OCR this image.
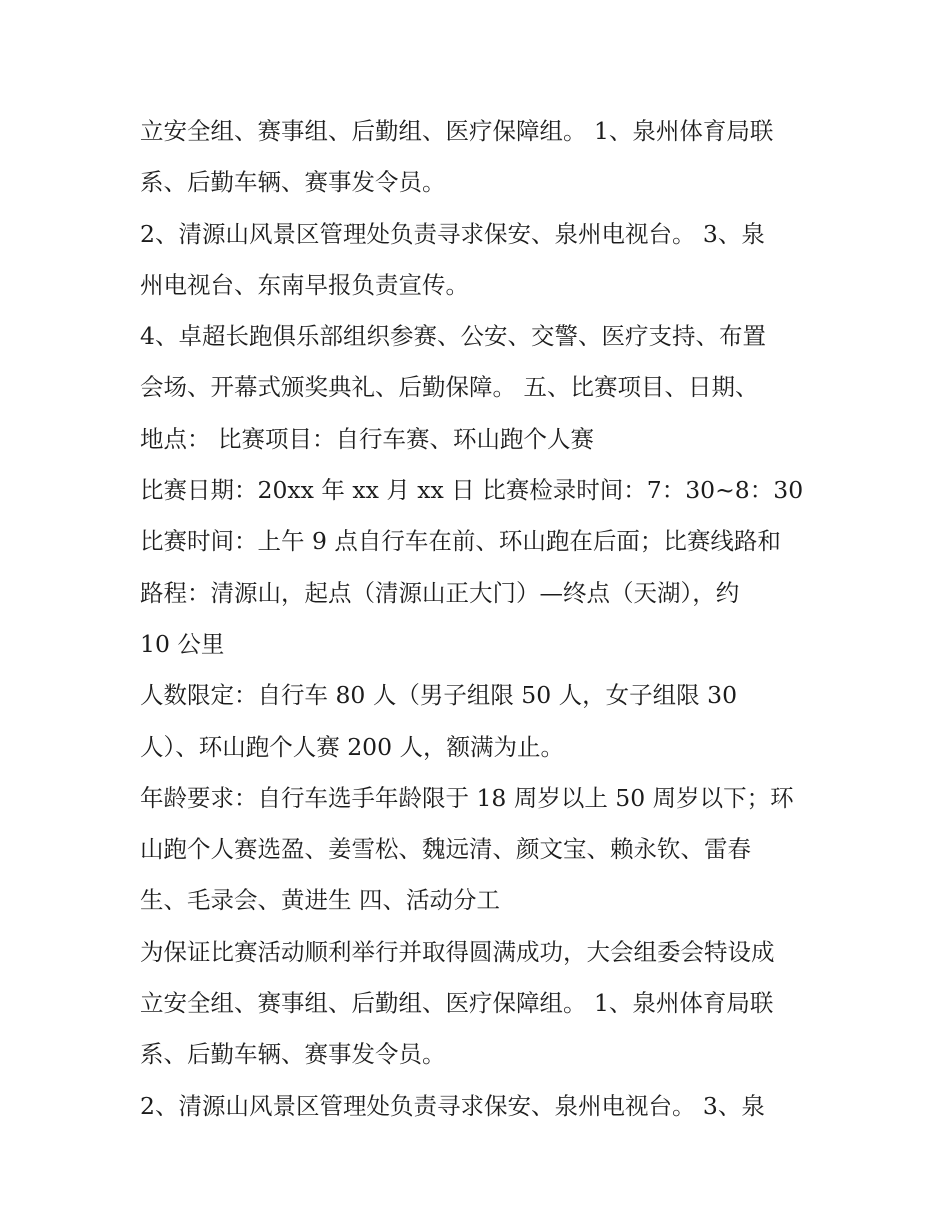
立安全组、赛事组、后勤组、医疗保障组。 1、泉州体育局联
系、后勤车辆、赛事发令员。
2、清源山风景区管理处负责寻求保安、泉州电视台。 3、泉
州电视台、东南早报负责宣传。
4、卓超长跑俱乐部组织参赛、公安、交警、医疗支持、布置
会场、开幕式颁奖典礼、后勤保障。 五、比赛项目、日期、
地点： 比赛项目：自行车赛、环山跑个人赛
比赛日期：20xx 年 xx 月 xx 日 比赛检录时间：7：30~8：30
比赛时间：上午 9 点自行车在前、环山跑在后面；比赛线路和
路程：清源山，起点（清源山正大门）—终点（天湖），约
10 公里
人数限定：自行车 80 人（男子组限 50 人，女子组限 30
人）、环山跑个人赛 200 人，额满为止。
年龄要求：自行车选手年龄限于 18 周岁以上 50 周岁以下；环
山跑个人赛选盈、姜雪松、魏远清、颜文宝、赖永钦、雷春
生、毛录会、黄进生 四、活动分工
为保证比赛活动顺利举行并取得圆满成功，大会组委会特设成
立安全组、赛事组、后勤组、医疗保障组。 1、泉州体育局联
系、后勤车辆、赛事发令员。
2、清源山风景区管理处负责寻求保安、泉州电视台。 3、泉
